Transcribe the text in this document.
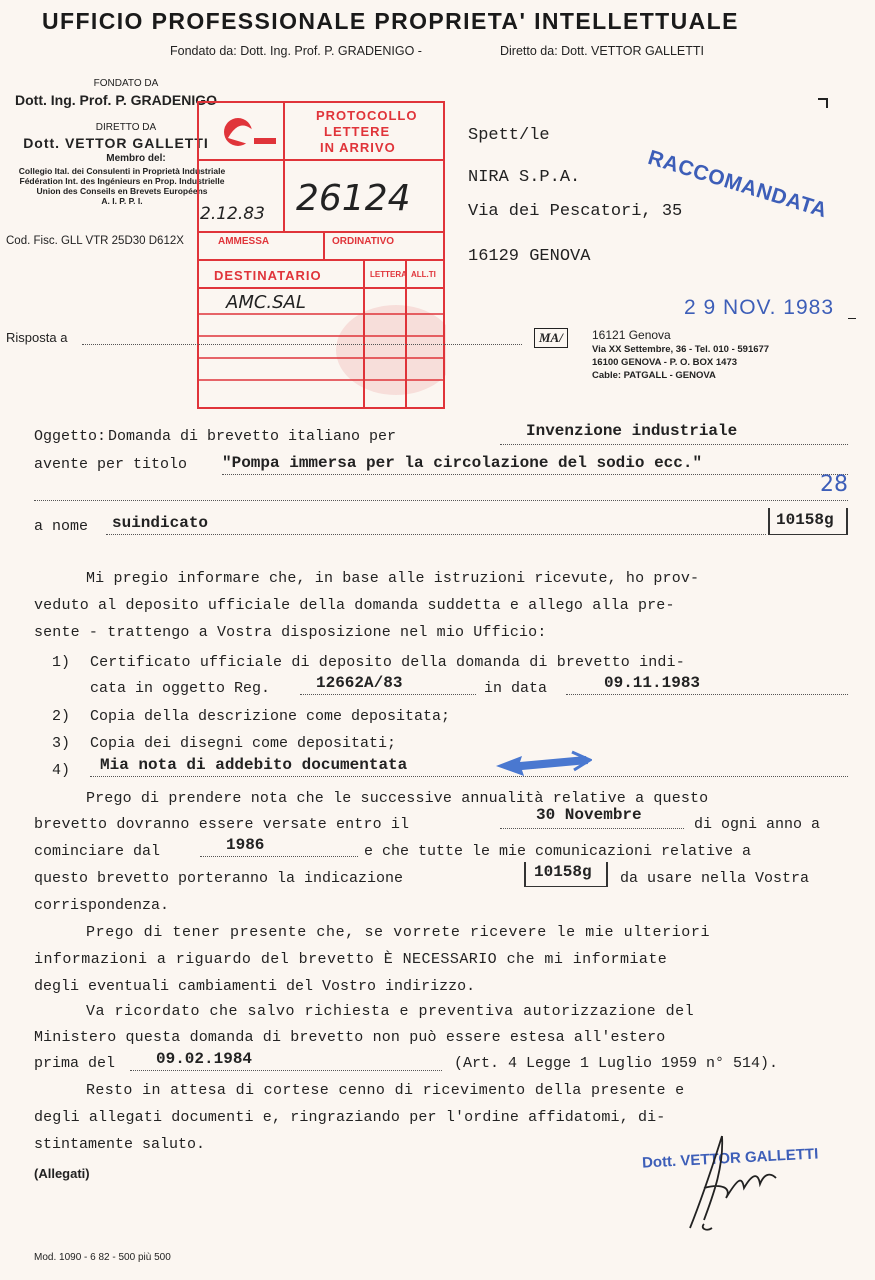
UFFICIO PROFESSIONALE PROPRIETA' INTELLETTUALE
Fondato da: Dott. Ing. Prof. P. GRADENIGO -	Diretto da: Dott. VETTOR GALLETTI
FONDATO DA
Dott. Ing. Prof. P. GRADENIGO
DIRETTO DA
Dott. VETTOR GALLETTI
Membro del:
Collegio Ital. dei Consulenti in Proprietà Industriale
Fédération Int. des Ingénieurs en Prop. Industrielle
Union des Conseils en Brevets Européens
A. I. P. P. I.
Cod. Fisc. GLL VTR 25D30 D612X
PROTOCOLLO
LETTERE
IN ARRIVO
26124
2.12.83
AMMESSA	ORDINATIVO
DESTINATARIO	LETTERA ALL.TI
AMC.SAL
Spett/le
NIRA S.P.A.
Via dei Pescatori, 35
16129 GENOVA
RACCOMANDATA
2 9 NOV. 1983
Risposta a	MA/	16121 Genova
Via XX Settembre, 36 - Tel. 010 - 591677
16100 GENOVA - P. O. BOX 1473
Cable: PATGALL - GENOVA
Oggetto: Domanda di brevetto italiano per	Invenzione industriale
avente per titolo "Pompa immersa per la circolazione del sodio ecc."
28
a nome suindicato	10158g
Mi pregio informare che, in base alle istruzioni ricevute, ho prov-
veduto al deposito ufficiale della domanda suddetta e allego alla pre-
sente - trattengo a Vostra disposizione nel mio Ufficio:
1) Certificato ufficiale di deposito della domanda di brevetto indi-
cata in oggetto Reg.	12662A/83	in data	09.11.1983
2) Copia della descrizione come depositata;
3) Copia dei disegni come depositati;
4) Mia nota di addebito documentata
Prego di prendere nota che le successive annualità relative a questo
brevetto dovranno essere versate entro il
30 Novembre
di ogni anno a
cominciare dal	1986	e che tutte le mie comunicazioni relative a
questo brevetto porteranno la indicazione	10158g da usare nella Vostra
corrispondenza.
Prego di tener presente che, se vorrete ricevere le mie ulteriori
informazioni a riguardo del brevetto È NECESSARIO che mi informiate
degli eventuali cambiamenti del Vostro indirizzo.
Va ricordato che salvo richiesta e preventiva autorizzazione del
Ministero questa domanda di brevetto non può essere estesa all'estero
prima del	09.02.1984	(Art. 4 Legge 1 Luglio 1959 n° 514).
Resto in attesa di cortese cenno di ricevimento della presente e
degli allegati documenti e, ringraziando per l'ordine affidatomi, di-
stintamente saluto.
Dott. VETTOR GALLETTI
(Allegati)
Mod. 1090 - 6 82 - 500 più 500
